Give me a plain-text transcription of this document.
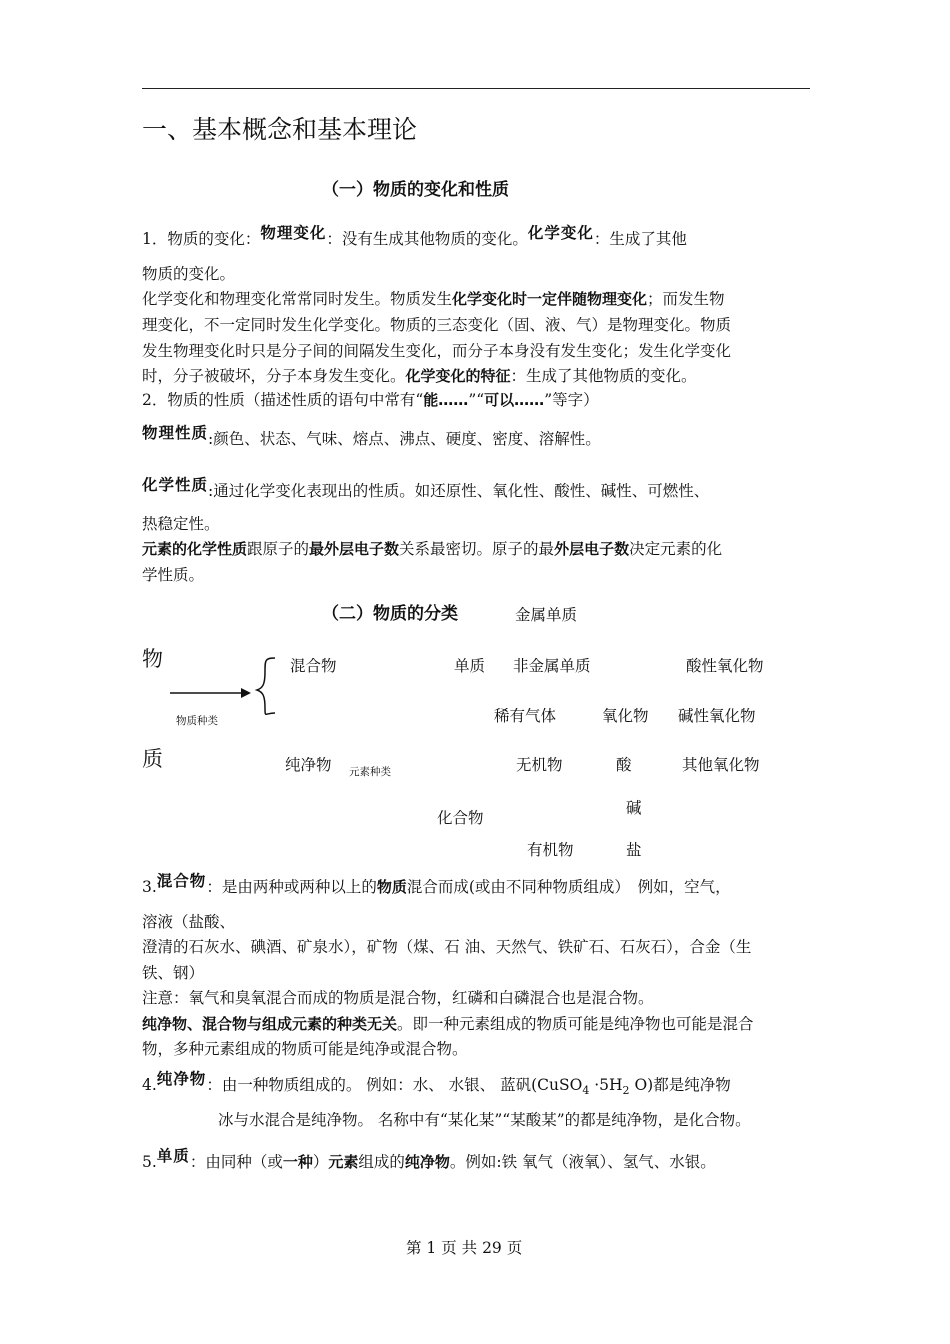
一、基本概念和基本理论
（一）物质的变化和性质
1．物质的变化：物理变化：没有生成其他物质的变化。化学变化：生成了其他
物质的变化。
化学变化和物理变化常常同时发生。物质发生化学变化时一定伴随物理变化；而发生物
理变化，不一定同时发生化学变化。物质的三态变化（固、液、气）是物理变化。物质
发生物理变化时只是分子间的间隔发生变化，而分子本身没有发生变化；发生化学变化
时，分子被破坏，分子本身发生变化。化学变化的特征：生成了其他物质的变化。
2．物质的性质（描述性质的语句中常有“能……”“可以……”等字）
物理性质:颜色、状态、气味、熔点、沸点、硬度、密度、溶解性。
化学性质:通过化学变化表现出的性质。如还原性、氧化性、酸性、碱性、可燃性、
热稳定性。
元素的化学性质跟原子的最外层电子数关系最密切。原子的最外层电子数决定元素的化
学性质。
（二）物质的分类	金属单质
物
质
物质种类
混合物	单质 非金属单质	酸性氧化物
稀有气体	氧化物 碱性氧化物
纯净物 元素种类	无机物	酸	其他氧化物
碱
化合物
有机物	盐
3.混合物：是由两种或两种以上的物质混合而成(或由不同种物质组成）　例如，空气，
溶液（盐酸、
澄清的石灰水、碘酒、矿泉水），矿物（煤、石 油、天然气、铁矿石、石灰石），合金（生
铁、钢）
注意：氧气和臭氧混合而成的物质是混合物，红磷和白磷混合也是混合物。
纯净物、混合物与组成元素的种类无关。即一种元素组成的物质可能是纯净物也可能是混合
物，多种元素组成的物质可能是纯净或混合物。
4.纯净物：由一种物质组成的。 例如：水、 水银、 蓝矾(CuSO$_4$ $\cdot 5H_2$ O)都是纯净物
冰与水混合是纯净物。 名称中有“某化某”“某酸某”的都是纯净物，是化合物。
5.单质：由同种（或一种）元素组成的纯净物。例如:铁 氧气（液氧）、氢气、水银。
第 1 页 共 29 页
